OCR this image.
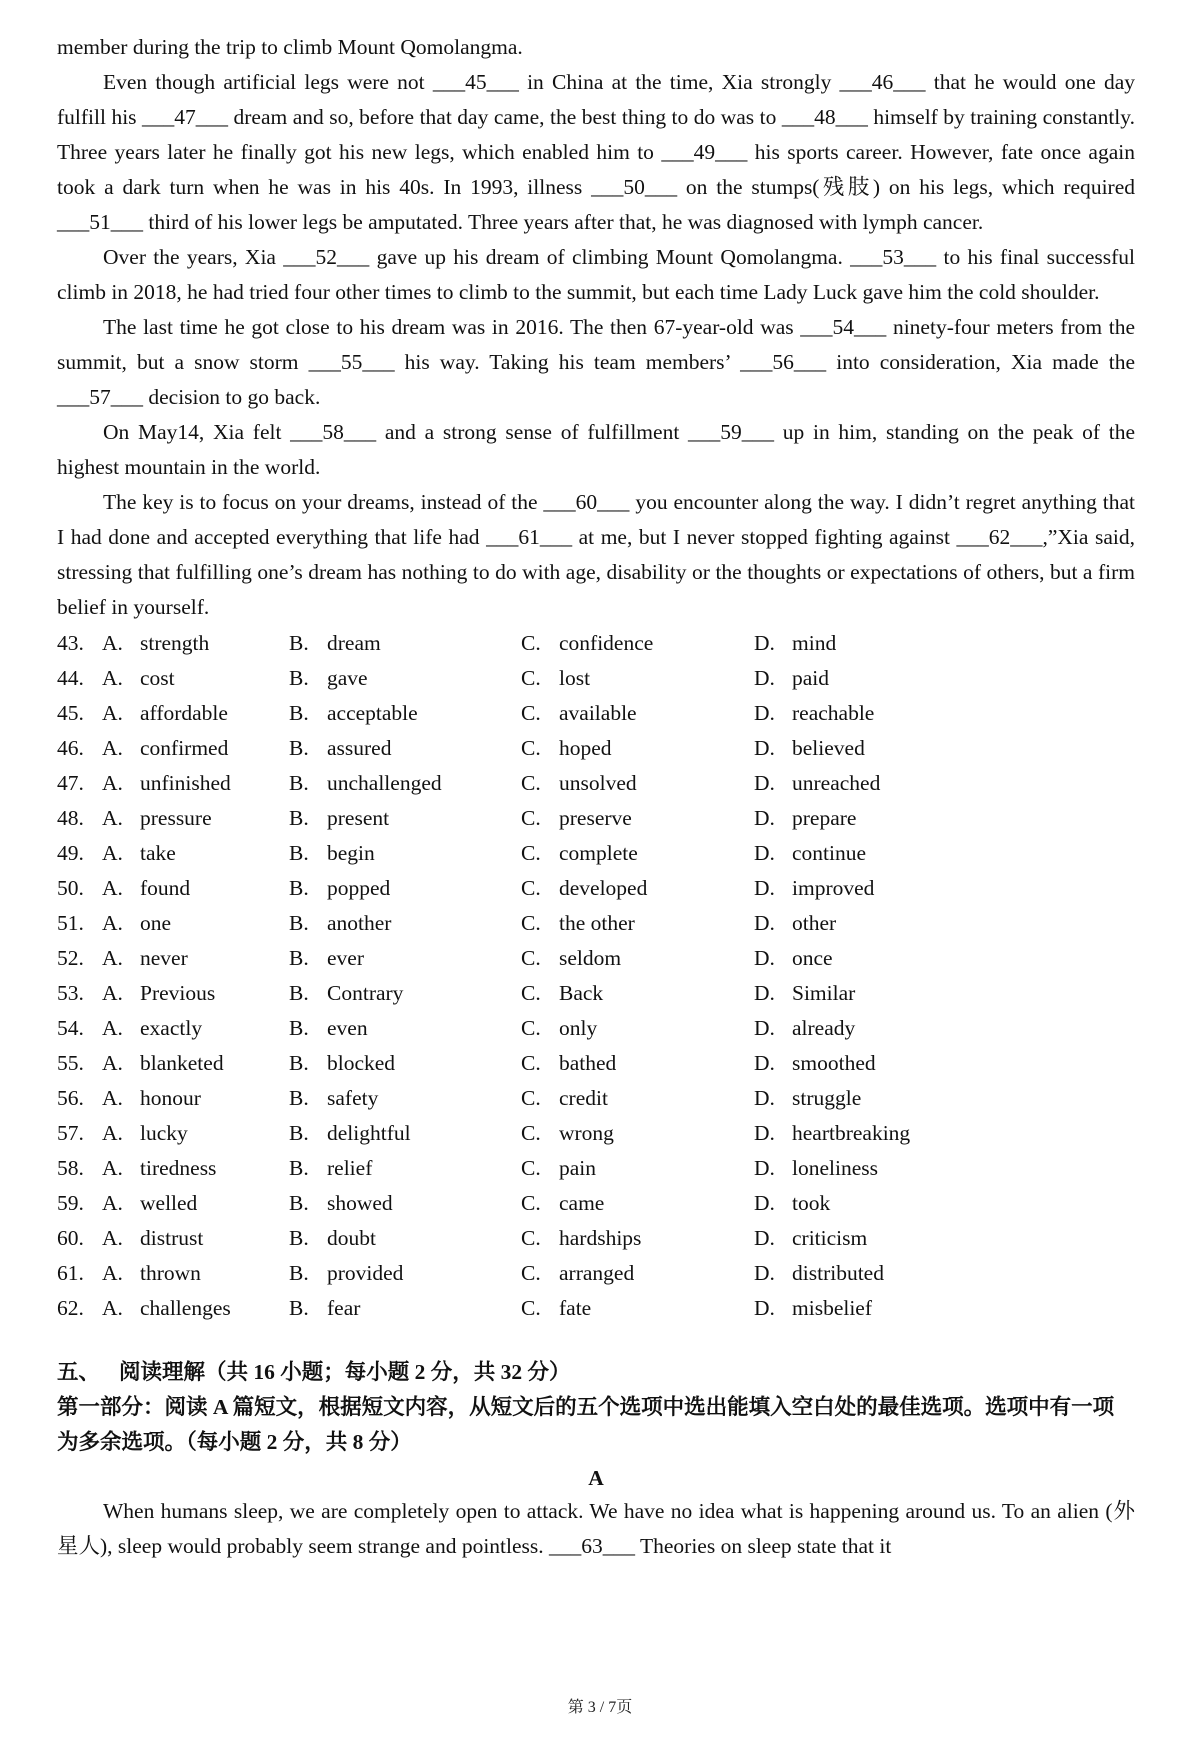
member during the trip to climb Mount Qomolangma.

Even though artificial legs were not ___45___ in China at the time, Xia strongly ___46___ that he would one day fulfill his ___47___ dream and so, before that day came, the best thing to do was to ___48___ himself by training constantly. Three years later he finally got his new legs, which enabled him to ___49___ his sports career. However, fate once again took a dark turn when he was in his 40s. In 1993, illness ___50___ on the stumps(残肢) on his legs, which required ___51___ third of his lower legs be amputated. Three years after that, he was diagnosed with lymph cancer.

Over the years, Xia ___52___ gave up his dream of climbing Mount Qomolangma. ___53___ to his final successful climb in 2018, he had tried four other times to climb to the summit, but each time Lady Luck gave him the cold shoulder.

The last time he got close to his dream was in 2016. The then 67-year-old was ___54___ ninety-four meters from the summit, but a snow storm ___55___ his way. Taking his team members’ ___56___ into consideration, Xia made the ___57___ decision to go back.

On May14, Xia felt ___58___ and a strong sense of fulfillment ___59___ up in him, standing on the peak of the highest mountain in the world.

The key is to focus on your dreams, instead of the ___60___ you encounter along the way. I didn’t regret anything that I had done and accepted everything that life had ___61___ at me, but I never stopped fighting against ___62___,”Xia said, stressing that fulfilling one’s dream has nothing to do with age, disability or the thoughts or expectations of others, but a firm belief in yourself.

43. A. strength	B. dream	C. confidence	D. mind
44. A. cost	B. gave	C. lost	D. paid
45. A. affordable	B. acceptable	C. available	D. reachable
46. A. confirmed	B. assured	C. hoped	D. believed
47. A. unfinished	B. unchallenged	C. unsolved	D. unreached
48. A. pressure	B. present	C. preserve	D. prepare
49. A. take	B. begin	C. complete	D. continue
50. A. found	B. popped	C. developed	D. improved
51. A. one	B. another	C. the other	D. other
52. A. never	B. ever	C. seldom	D. once
53. A. Previous	B. Contrary	C. Back	D. Similar
54. A. exactly	B. even	C. only	D. already
55. A. blanketed	B. blocked	C. bathed	D. smoothed
56. A. honour	B. safety	C. credit	D. struggle
57. A. lucky	B. delightful	C. wrong	D. heartbreaking
58. A. tiredness	B. relief	C. pain	D. loneliness
59. A. welled	B. showed	C. came	D. took
60. A. distrust	B. doubt	C. hardships	D. criticism
61. A. thrown	B. provided	C. arranged	D. distributed
62. A. challenges	B. fear	C. fate	D. misbelief
五、 阅读理解（共 16 小题；每小题 2 分，共 32 分）
第一部分：阅读 A 篇短文，根据短文内容，从短文后的五个选项中选出能填入空白处的最佳选项。选项中有一项为多余选项。（每小题 2 分，共 8 分）
A

When humans sleep, we are completely open to attack. We have no idea what is happening around us. To an alien (外星人), sleep would probably seem strange and pointless. ___63___ Theories on sleep state that it

第 3 / 7页
